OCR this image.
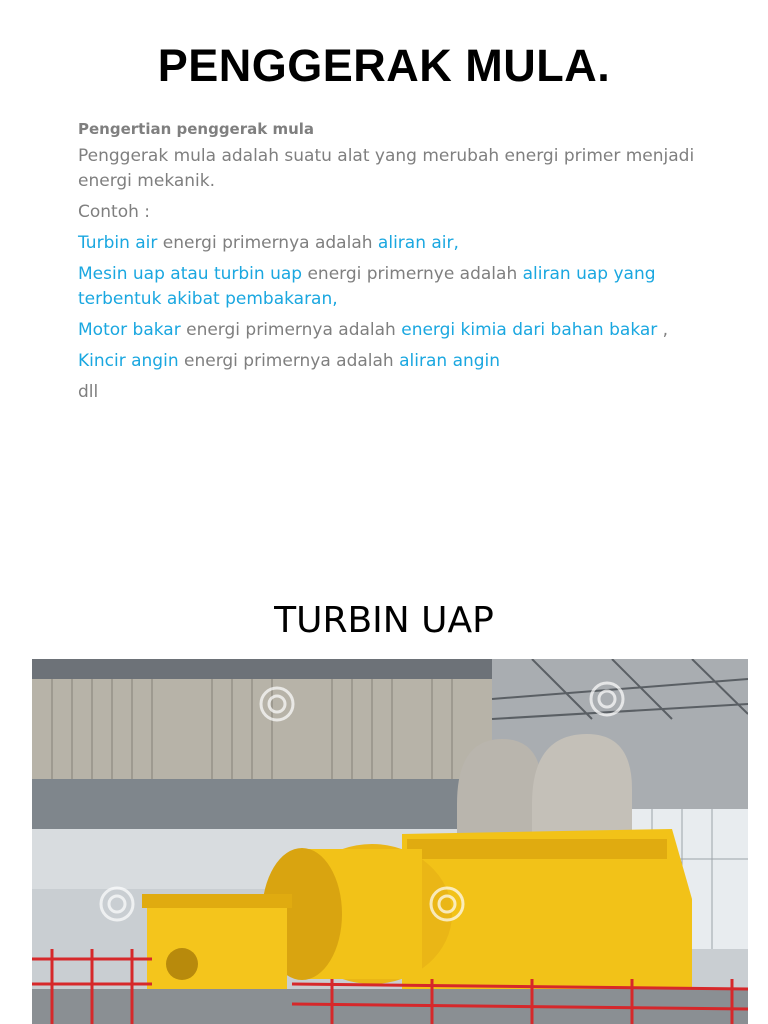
PENGGERAK MULA.
Pengertian penggerak mula

Penggerak mula adalah suatu alat yang merubah energi primer menjadi energi mekanik.

Contoh :

Turbin air energi primernya adalah aliran air,

Mesin uap atau turbin uap energi primernye adalah aliran uap yang terbentuk akibat pembakaran,

Motor bakar energi primernya adalah energi kimia dari bahan bakar ,

Kincir angin energi primernya adalah aliran angin

dll

TURBIN UAP
